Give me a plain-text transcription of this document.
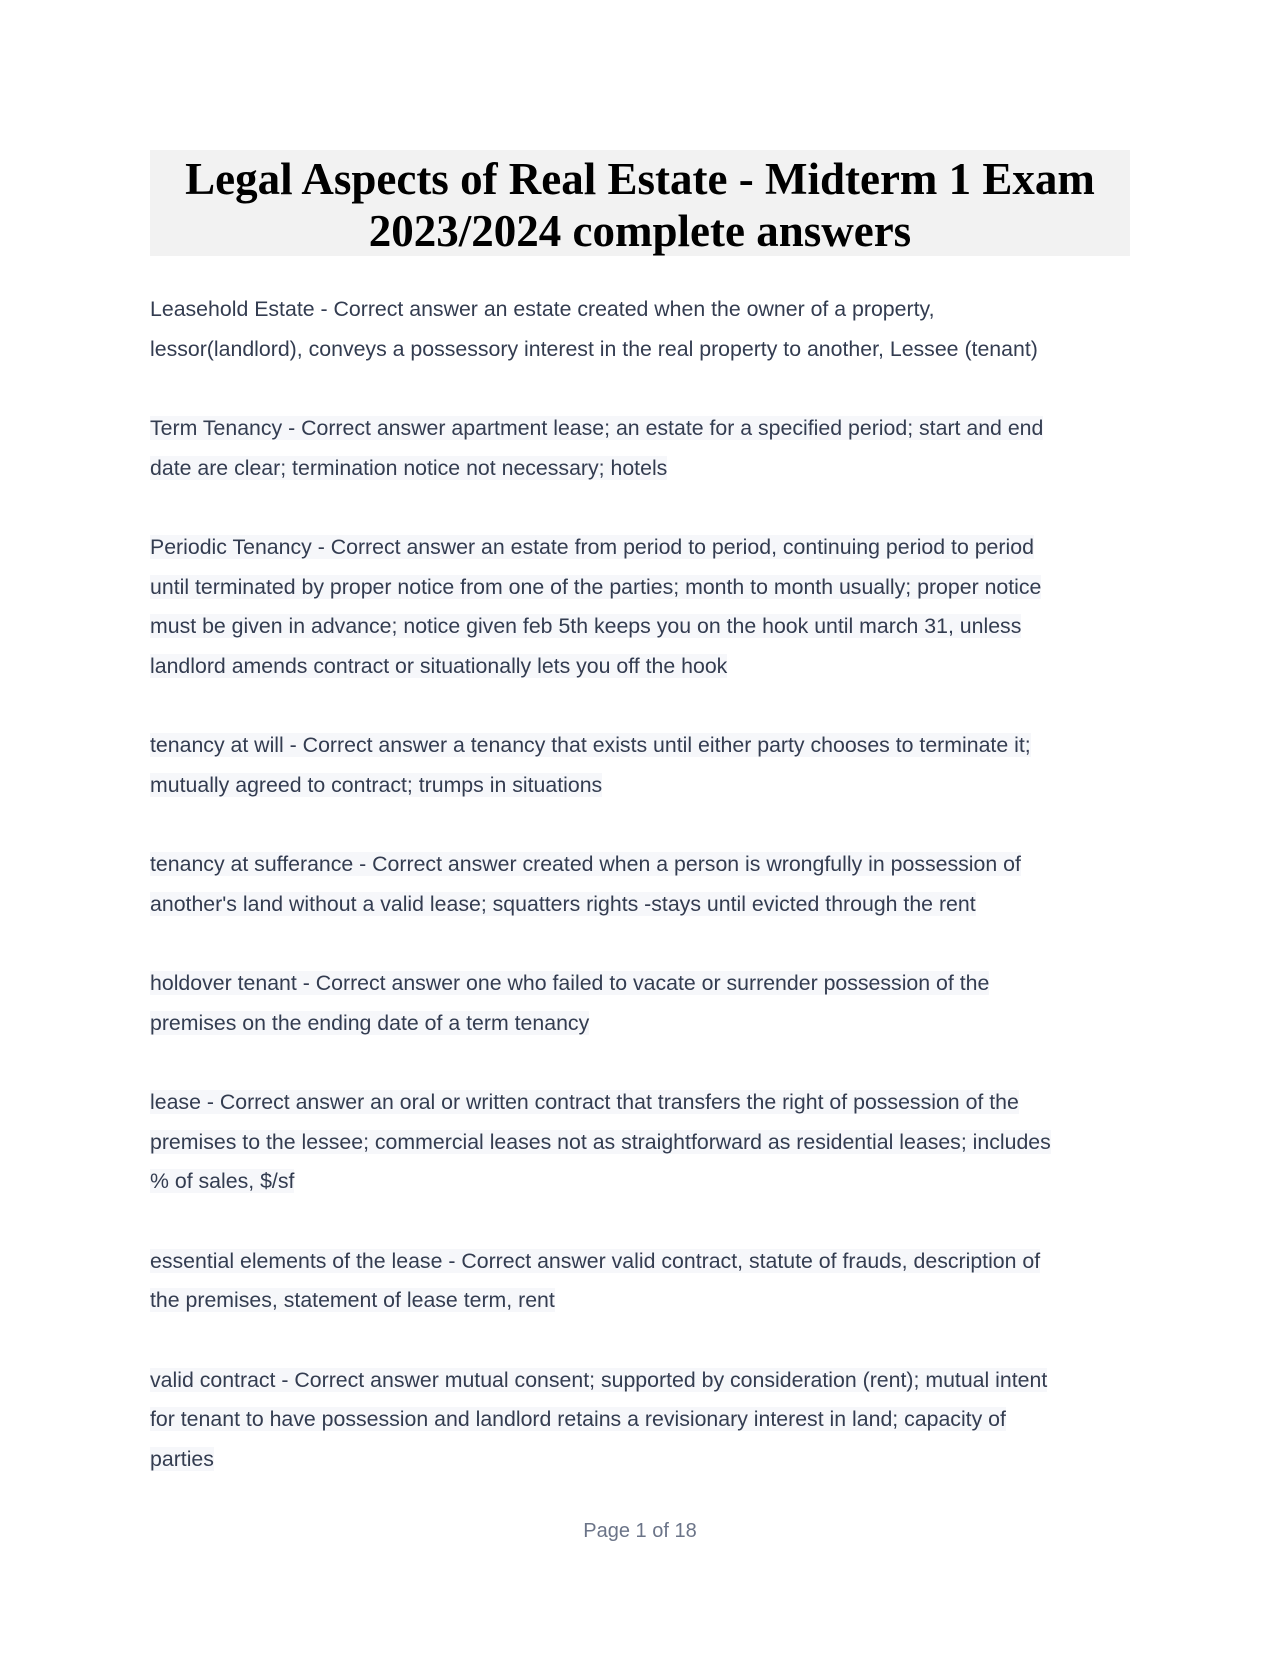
Legal Aspects of Real Estate - Midterm 1 Exam

2023/2024 complete answers

Leasehold Estate - Correct answer an estate created when the owner of a property,
lessor(landlord), conveys a possessory interest in the real property to another, Lessee (tenant)
Term Tenancy - Correct answer apartment lease; an estate for a specified period; start and end
date are clear; termination notice not necessary; hotels
Periodic Tenancy - Correct answer an estate from period to period, continuing period to period
until terminated by proper notice from one of the parties; month to month usually; proper notice
must be given in advance; notice given feb 5th keeps you on the hook until march 31, unless
landlord amends contract or situationally lets you off the hook
tenancy at will - Correct answer a tenancy that exists until either party chooses to terminate it;
mutually agreed to contract; trumps in situations
tenancy at sufferance - Correct answer created when a person is wrongfully in possession of
another's land without a valid lease; squatters rights -stays until evicted through the rent
holdover tenant - Correct answer one who failed to vacate or surrender possession of the
premises on the ending date of a term tenancy
lease - Correct answer an oral or written contract that transfers the right of possession of the
premises to the lessee; commercial leases not as straightforward as residential leases; includes
% of sales, $/sf
essential elements of the lease - Correct answer valid contract, statute of frauds, description of
the premises, statement of lease term, rent
valid contract - Correct answer mutual consent; supported by consideration (rent); mutual intent
for tenant to have possession and landlord retains a revisionary interest in land; capacity of
parties
Page 1 of 18
